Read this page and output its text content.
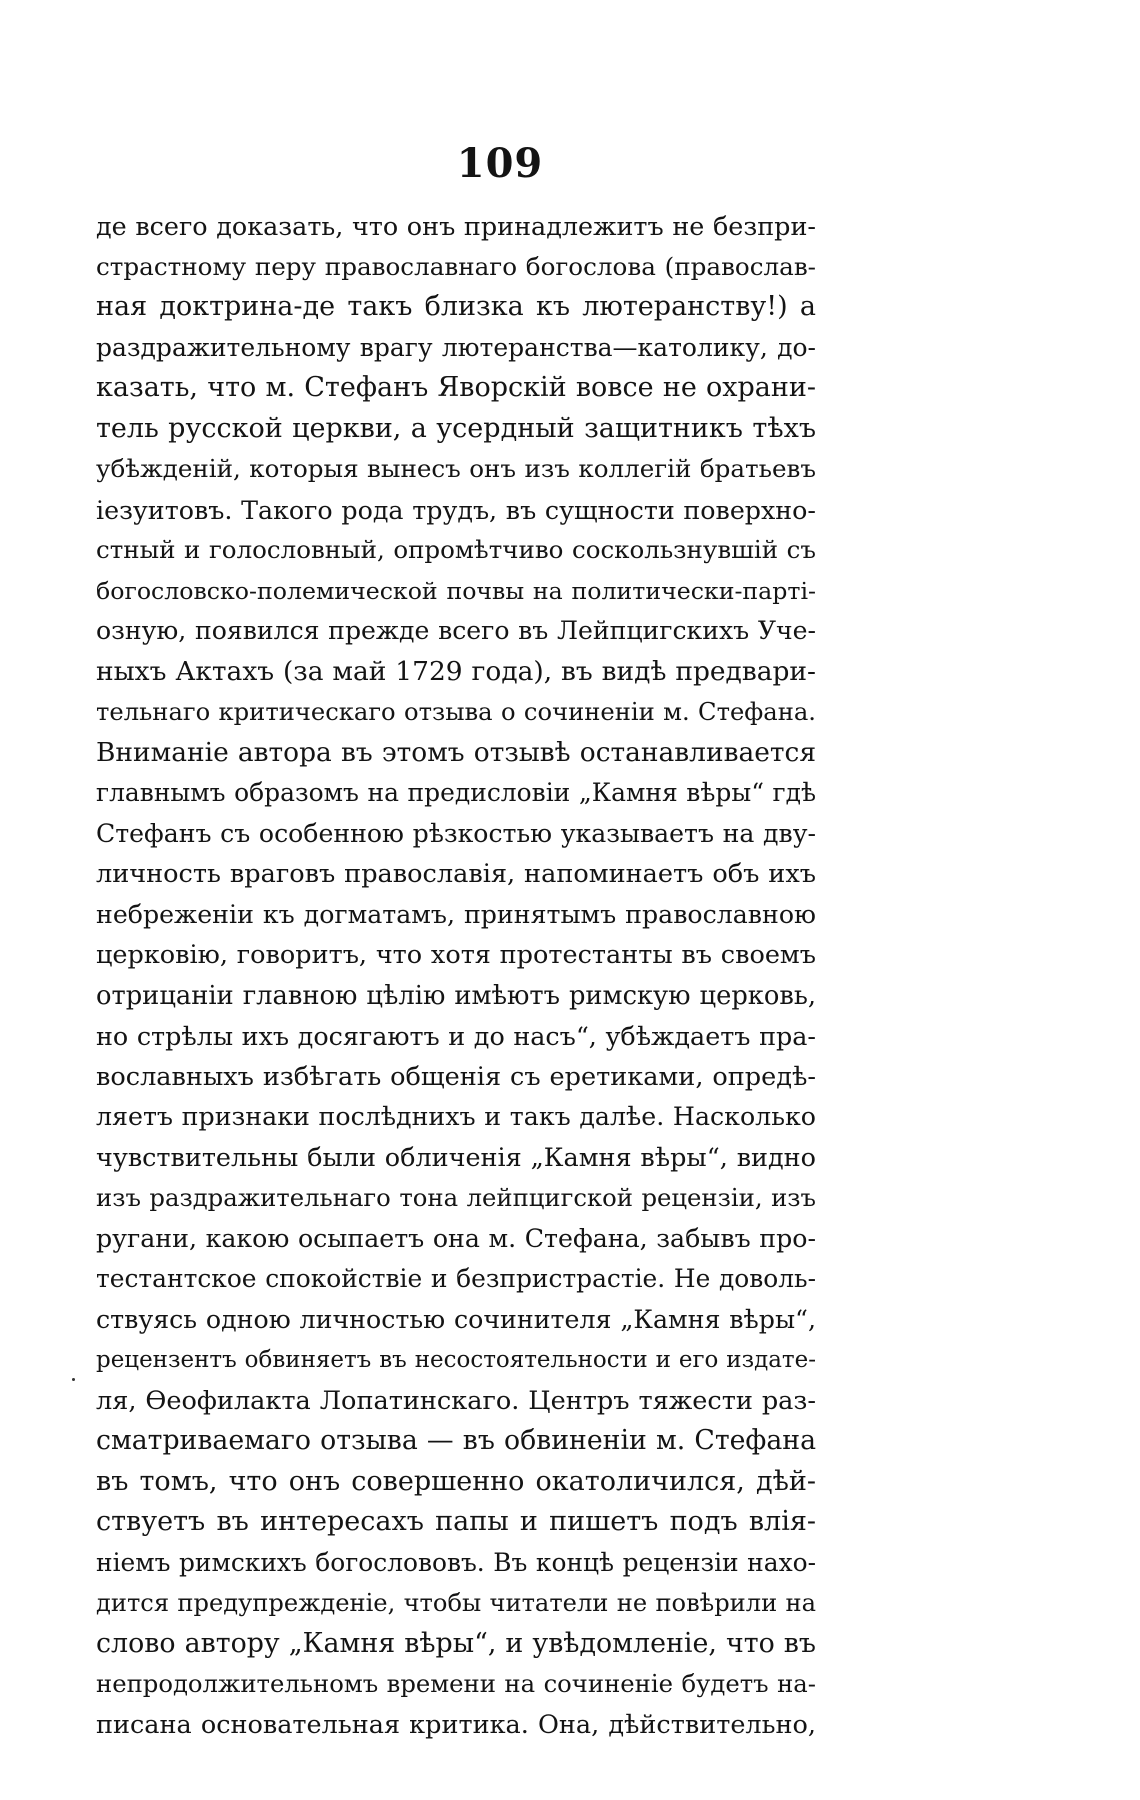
109
де всего доказать, что онъ принадлежитъ не безпри-
страстному перу православнаго богослова (православ-
ная доктрина-де такъ близка къ лютеранству!) а
раздражительному врагу лютеранства—католику, до-
казать, что м. Стефанъ Яворскій вовсе не охрани-
тель русской церкви, а усердный защитникъ тѣхъ
убѣжденій, которыя вынесъ онъ изъ коллегій братьевъ
іезуитовъ. Такого рода трудъ, въ сущности поверхно-
стный и голословный, опромѣтчиво соскользнувшій съ
богословско-полемической почвы на политически-парті-
озную, появился прежде всего въ Лейпцигскихъ Уче-
ныхъ Актахъ (за май 1729 года), въ видѣ предвари-
тельнаго критическаго отзыва о сочиненіи м. Стефана.
Вниманіе автора въ этомъ отзывѣ останавливается
главнымъ образомъ на предисловіи „Камня вѣры“ гдѣ
Стефанъ съ особенною рѣзкостью указываетъ на дву-
личность враговъ православія, напоминаетъ объ ихъ
небреженіи къ догматамъ, принятымъ православною
церковію, говоритъ, что хотя протестанты въ своемъ
отрицаніи главною цѣлію имѣютъ римскую церковь,
но стрѣлы ихъ досягаютъ и до насъ“, убѣждаетъ пра-
вославныхъ избѣгать общенія съ еретиками, опредѣ-
ляетъ признаки послѣднихъ и такъ далѣе. Насколько
чувствительны были обличенія „Камня вѣры“, видно
изъ раздражительнаго тона лейпцигской рецензіи, изъ
ругани, какою осыпаетъ она м. Стефана, забывъ про-
тестантское спокойствіе и безпристрастіе. Не доволь-
ствуясь одною личностью сочинителя „Камня вѣры“,
рецензентъ обвиняетъ въ несостоятельности и его издате-
ля, Ѳеофилакта Лопатинскаго. Центръ тяжести раз-
сматриваемаго отзыва — въ обвиненіи м. Стефана
въ томъ, что онъ совершенно окатоличился, дѣй-
ствуетъ въ интересахъ папы и пишетъ подъ влія-
ніемъ римскихъ богослововъ. Въ концѣ рецензіи нахо-
дится предупрежденіе, чтобы читатели не повѣрили на
слово автору „Камня вѣры“, и увѣдомленіе, что въ
непродолжительномъ времени на сочиненіе будетъ на-
писана основательная критика. Она, дѣйствительно,
